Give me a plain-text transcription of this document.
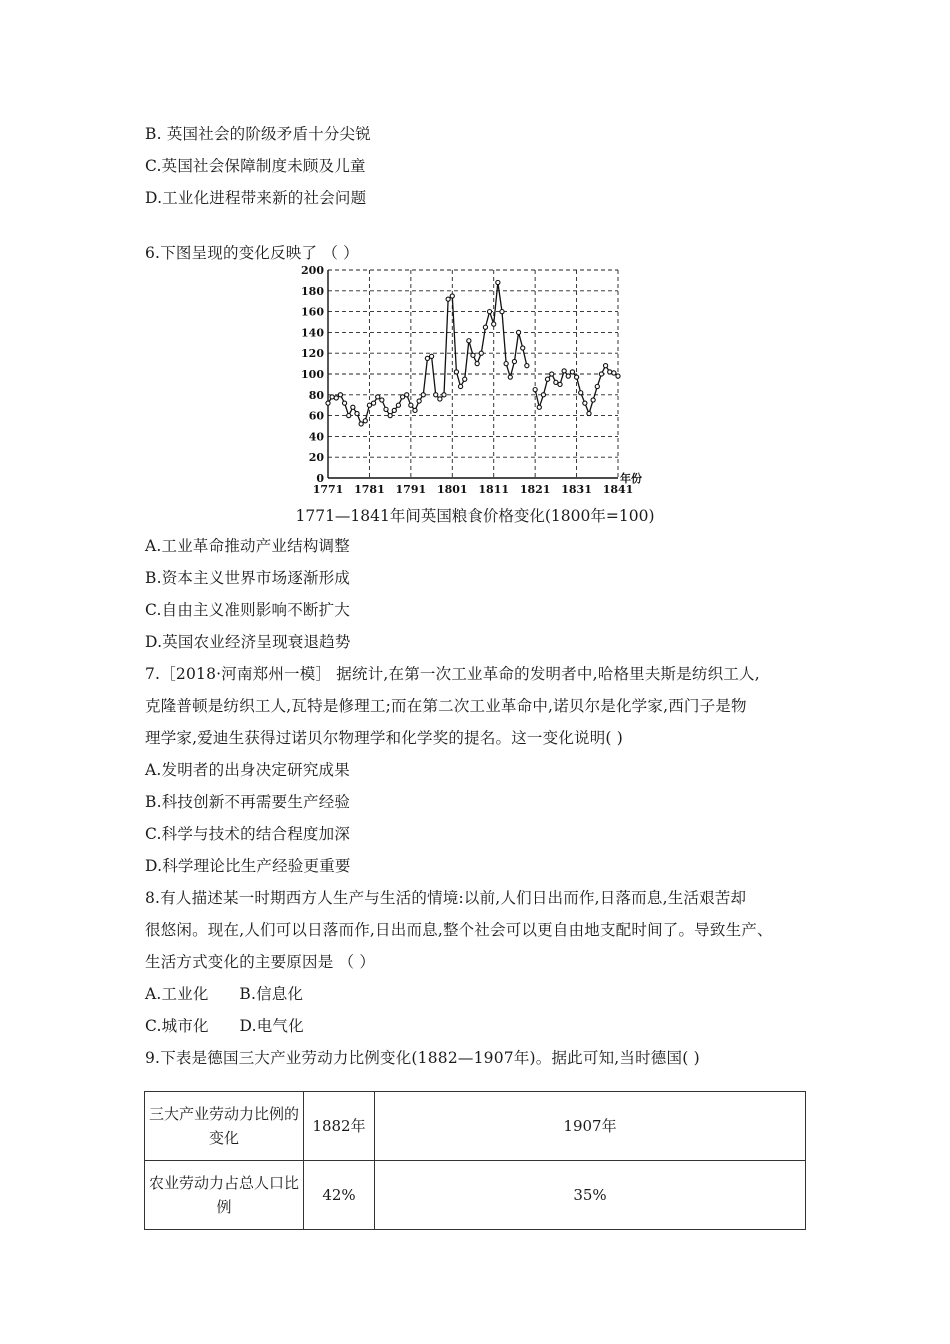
B. 英国社会的阶级矛盾十分尖锐
C.英国社会保障制度未顾及儿童
D.工业化进程带来新的社会问题
6.下图呈现的变化反映了 （ ）
0
20
40
60
80
100
120
140
160
180
200
1771 1781 1791 1801 1811 1821 1831 1841
年份
1771—1841年间英国粮食价格变化(1800年=100)
A.工业革命推动产业结构调整
B.资本主义世界市场逐渐形成
C.自由主义准则影响不断扩大
D.英国农业经济呈现衰退趋势
7.［2018·河南郑州一模］ 据统计,在第一次工业革命的发明者中,哈格里夫斯是纺织工人,
克隆普顿是纺织工人,瓦特是修理工;而在第二次工业革命中,诺贝尔是化学家,西门子是物
理学家,爱迪生获得过诺贝尔物理学和化学奖的提名。这一变化说明( )
A.发明者的出身决定研究成果
B.科技创新不再需要生产经验
C.科学与技术的结合程度加深
D.科学理论比生产经验更重要
8.有人描述某一时期西方人生产与生活的情境:以前,人们日出而作,日落而息,生活艰苦却
很悠闲。现在,人们可以日落而作,日出而息,整个社会可以更自由地支配时间了。导致生产、
生活方式变化的主要原因是 （ ）
A.工业化      B.信息化
C.城市化      D.电气化
9.下表是德国三大产业劳动力比例变化(1882—1907年)。据此可知,当时德国( )
三大产业劳动力比例的变化	1882年	1907年
农业劳动力占总人口比例	42%	35%
